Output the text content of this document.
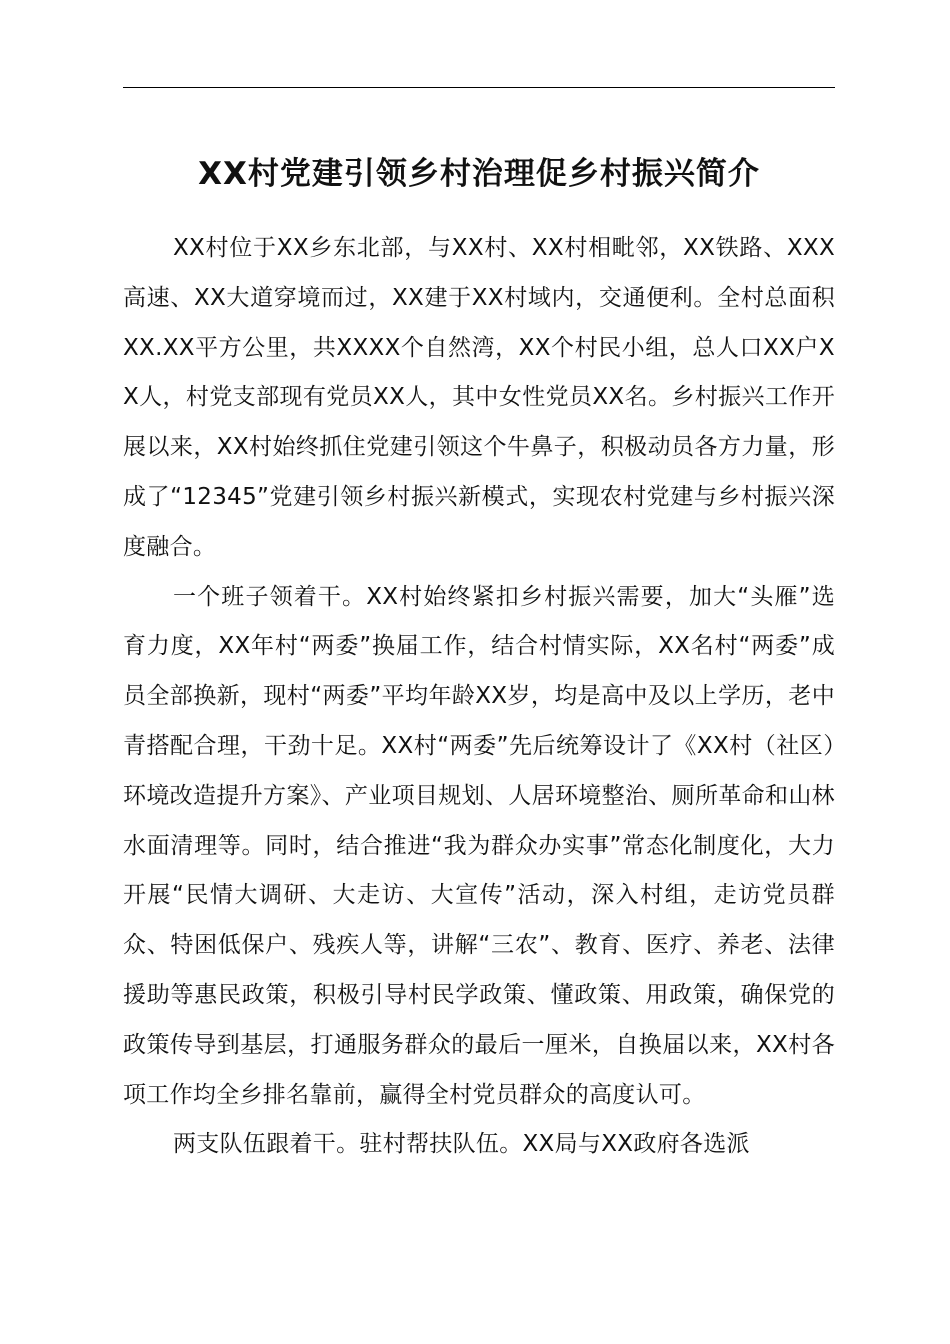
XX村党建引领乡村治理促乡村振兴简介

XX村位于XX乡东北部，与XX村、XX村相毗邻，XX铁路、XXX高速、XX大道穿境而过，XX建于XX村域内，交通便利。全村总面积XX.XX平方公里，共XXXX个自然湾，XX个村民小组，总人口XX户XX人，村党支部现有党员XX人，其中女性党员XX名。乡村振兴工作开展以来，XX村始终抓住党建引领这个牛鼻子，积极动员各方力量，形成了“12345”党建引领乡村振兴新模式，实现农村党建与乡村振兴深度融合。

一个班子领着干。XX村始终紧扣乡村振兴需要，加大“头雁”选育力度，XX年村“两委”换届工作，结合村情实际，XX名村“两委”成员全部换新，现村“两委”平均年龄XX岁，均是高中及以上学历，老中青搭配合理，干劲十足。XX村“两委”先后统筹设计了《XX村（社区）环境改造提升方案》、产业项目规划、人居环境整治、厕所革命和山林水面清理等。同时，结合推进“我为群众办实事”常态化制度化，大力开展“民情大调研、大走访、大宣传”活动，深入村组，走访党员群众、特困低保户、残疾人等，讲解“三农”、教育、医疗、养老、法律援助等惠民政策，积极引导村民学政策、懂政策、用政策，确保党的政策传导到基层，打通服务群众的最后一厘米，自换届以来，XX村各项工作均全乡排名靠前，赢得全村党员群众的高度认可。

两支队伍跟着干。驻村帮扶队伍。XX局与XX政府各选派
